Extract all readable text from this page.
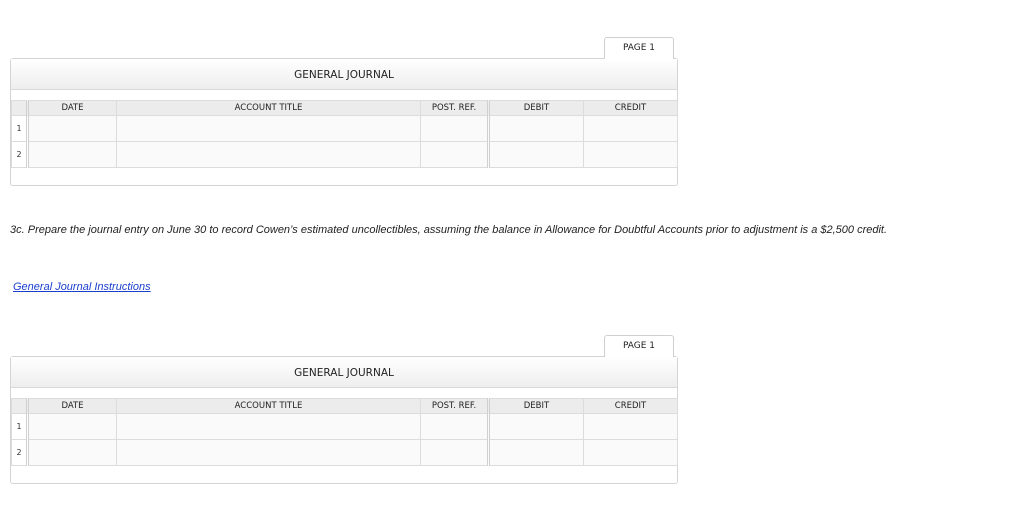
PAGE 1
GENERAL JOURNAL
	DATE	ACCOUNT TITLE	POST. REF.	DEBIT	CREDIT
1					
2					
3c. Prepare the journal entry on June 30 to record Cowen’s estimated uncollectibles, assuming the balance in Allowance for Doubtful Accounts prior to adjustment is a $2,500 credit.
General Journal Instructions
PAGE 1
GENERAL JOURNAL
	DATE	ACCOUNT TITLE	POST. REF.	DEBIT	CREDIT
1					
2					
